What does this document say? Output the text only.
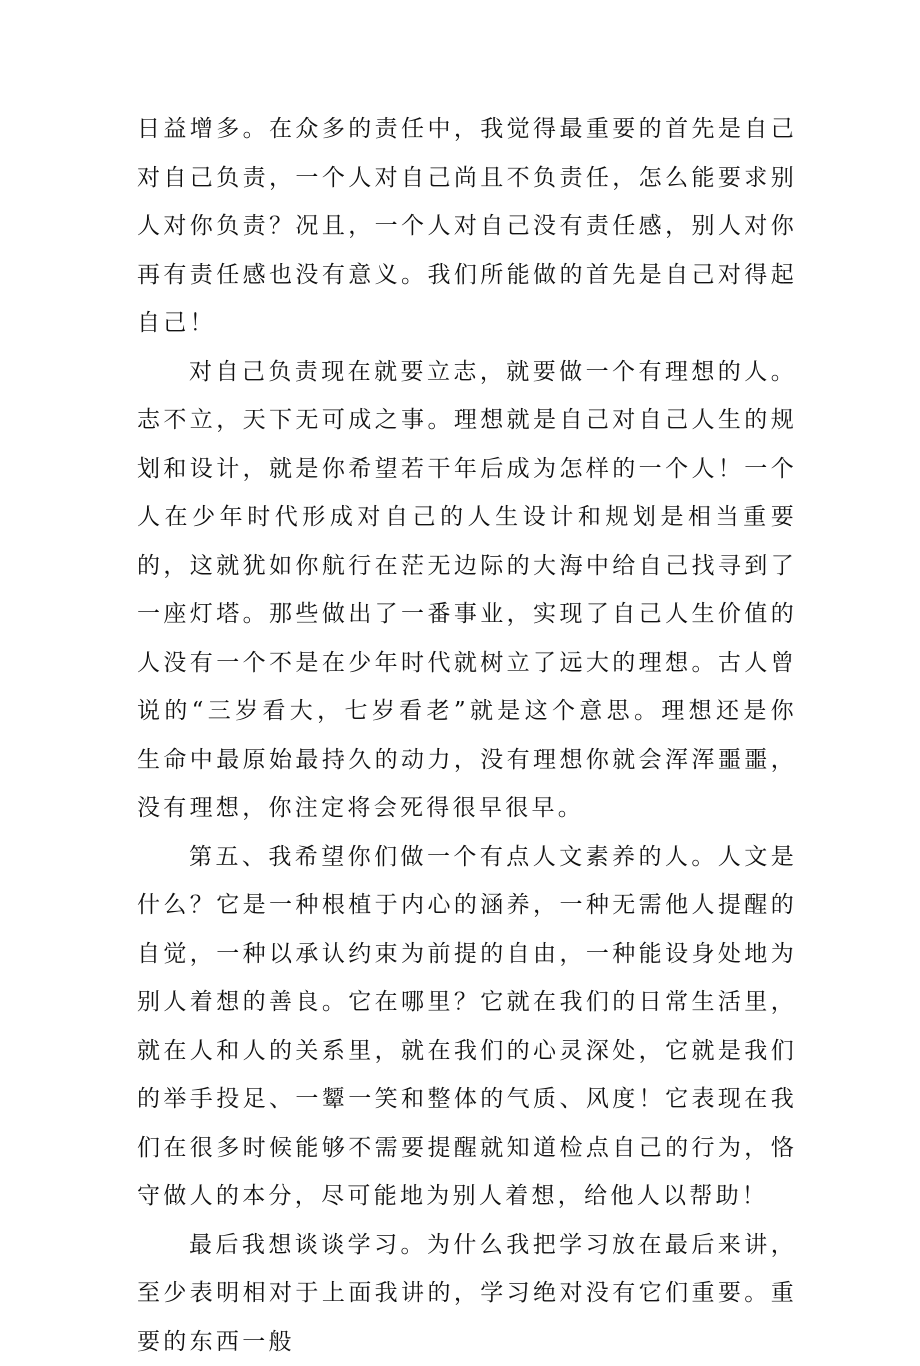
日益增多。在众多的责任中，我觉得最重要的首先是自己对自己负责，一个人对自己尚且不负责任，怎么能要求别人对你负责？况且，一个人对自己没有责任感，别人对你再有责任感也没有意义。我们所能做的首先是自己对得起自己！

对自己负责现在就要立志，就要做一个有理想的人。志不立，天下无可成之事。理想就是自己对自己人生的规划和设计，就是你希望若干年后成为怎样的一个人！一个人在少年时代形成对自己的人生设计和规划是相当重要的，这就犹如你航行在茫无边际的大海中给自己找寻到了一座灯塔。那些做出了一番事业，实现了自己人生价值的人没有一个不是在少年时代就树立了远大的理想。古人曾说的“三岁看大，七岁看老”就是这个意思。理想还是你生命中最原始最持久的动力，没有理想你就会浑浑噩噩，没有理想，你注定将会死得很早很早。

第五、我希望你们做一个有点人文素养的人。人文是什么？它是一种根植于内心的涵养，一种无需他人提醒的自觉，一种以承认约束为前提的自由，一种能设身处地为别人着想的善良。它在哪里？它就在我们的日常生活里，就在人和人的关系里，就在我们的心灵深处，它就是我们的举手投足、一颦一笑和整体的气质、风度！它表现在我们在很多时候能够不需要提醒就知道检点自己的行为，恪守做人的本分，尽可能地为别人着想，给他人以帮助！

最后我想谈谈学习。为什么我把学习放在最后来讲，至少表明相对于上面我讲的，学习绝对没有它们重要。重要的东西一般
